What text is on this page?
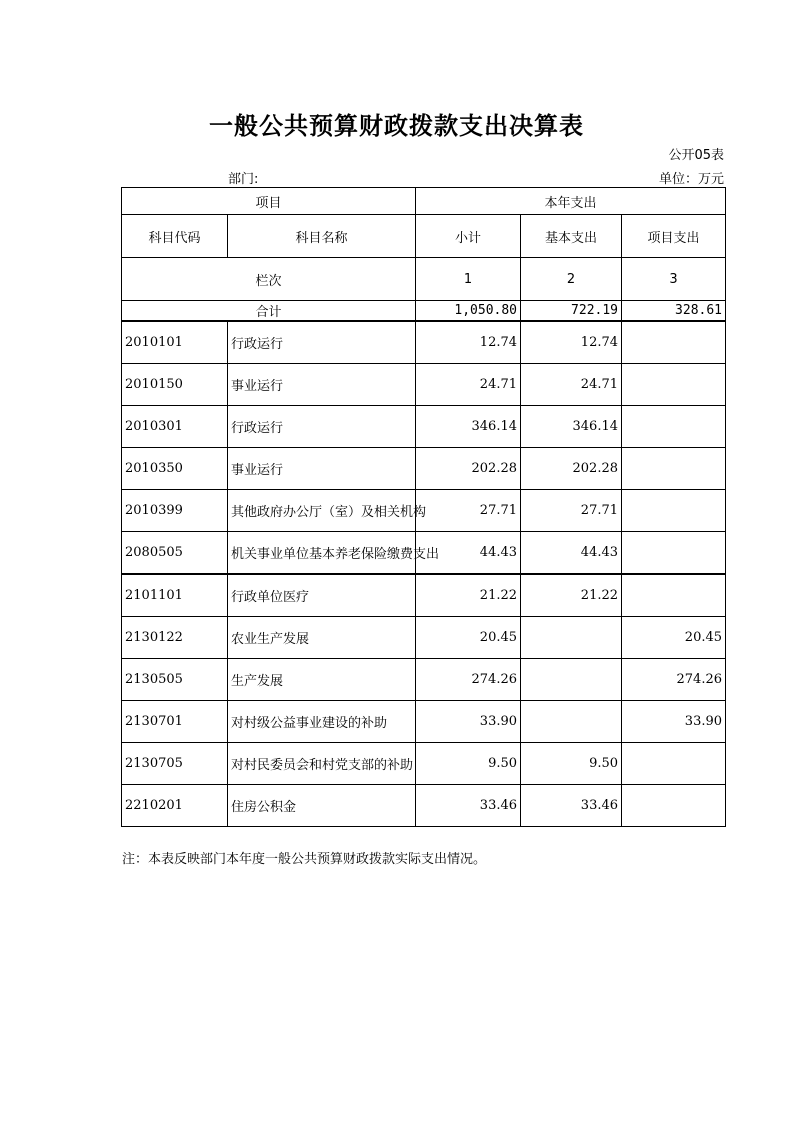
一般公共预算财政拨款支出决算表
公开05表
部门:	单位：万元
项目		本年支出		
科目代码	科目名称	小计	基本支出	项目支出
栏次		1	2	3
合计		1,050.80	722.19	328.61
2010101	行政运行	12.74	12.74	
2010150	事业运行	24.71	24.71	
2010301	行政运行	346.14	346.14	
2010350	事业运行	202.28	202.28	
2010399	其他政府办公厅（室）及相关机构	27.71	27.71	
2080505	机关事业单位基本养老保险缴费支出	44.43	44.43	
2101101	行政单位医疗	21.22	21.22	
2130122	农业生产发展	20.45		20.45
2130505	生产发展	274.26		274.26
2130701	对村级公益事业建设的补助	33.90		33.90
2130705	对村民委员会和村党支部的补助	9.50	9.50	
2210201	住房公积金	33.46	33.46	
注：本表反映部门本年度一般公共预算财政拨款实际支出情况。
